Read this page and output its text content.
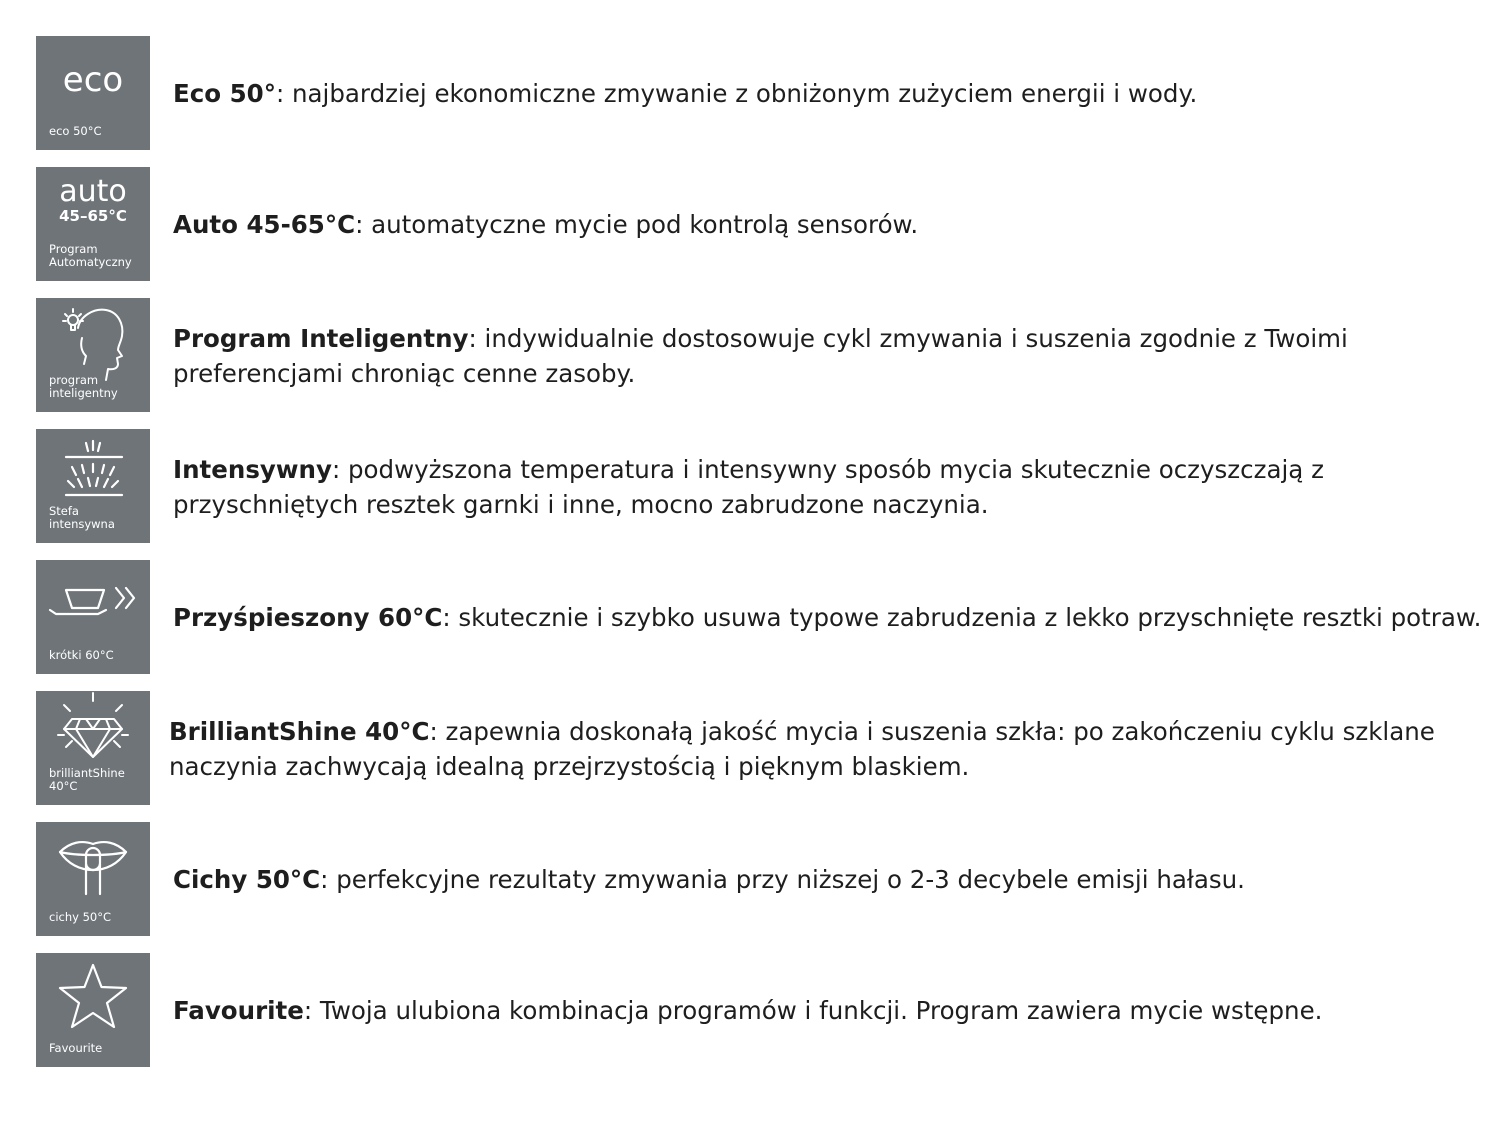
eco
eco 50°C
Eco 50°: najbardziej ekonomiczne zmywanie z obniżonym zużyciem energii i wody.
auto
45–65°C
Program
Automatyczny
Auto 45-65°C: automatyczne mycie pod kontrolą sensorów.
program
inteligentny
Program Inteligentny: indywidualnie dostosowuje cykl zmywania i suszenia zgodnie z Twoimi preferencjami chroniąc cenne zasoby.
Stefa
intensywna
Intensywny: podwyższona temperatura i intensywny sposób mycia skutecznie oczyszczają z przyschniętych resztek garnki i inne, mocno zabrudzone naczynia.
krótki 60°C
Przyśpieszony 60°C: skutecznie i szybko usuwa typowe zabrudzenia z lekko przyschnięte resztki potraw.
brilliantShine
40°C
BrilliantShine 40°C: zapewnia doskonałą jakość mycia i suszenia szkła: po zakończeniu cyklu szklane naczynia zachwycają idealną przejrzystością i pięknym blaskiem.
cichy 50°C
Cichy 50°C: perfekcyjne rezultaty zmywania przy niższej o 2-3 decybele emisji hałasu.
Favourite
Favourite: Twoja ulubiona kombinacja programów i funkcji. Program zawiera mycie wstępne.
